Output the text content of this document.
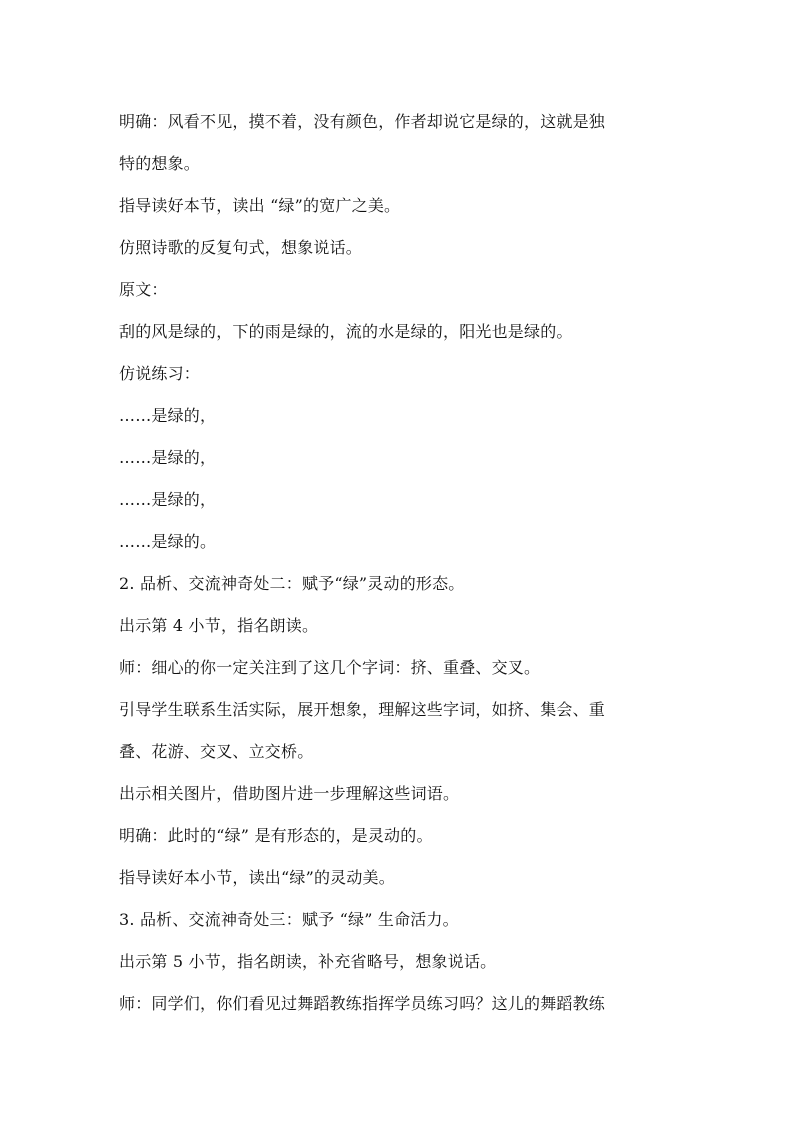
明确：风看不见，摸不着，没有颜色，作者却说它是绿的，这就是独
特的想象。
指导读好本节，读出 “绿”的宽广之美。
仿照诗歌的反复句式，想象说话。
原文：
刮的风是绿的，下的雨是绿的，流的水是绿的，阳光也是绿的。
仿说练习：
……是绿的，
……是绿的，
……是绿的，
……是绿的。
2. 品析、交流神奇处二：赋予“绿”灵动的形态。
出示第 4 小节，指名朗读。
师：细心的你一定关注到了这几个字词：挤、重叠、交叉。
引导学生联系生活实际，展开想象，理解这些字词，如挤、集会、重
叠、花游、交叉、立交桥。
出示相关图片，借助图片进一步理解这些词语。
明确：此时的“绿” 是有形态的，是灵动的。
指导读好本小节，读出“绿”的灵动美。
3. 品析、交流神奇处三：赋予 “绿” 生命活力。
出示第 5 小节，指名朗读，补充省略号，想象说话。
师：同学们，你们看见过舞蹈教练指挥学员练习吗？这儿的舞蹈教练
